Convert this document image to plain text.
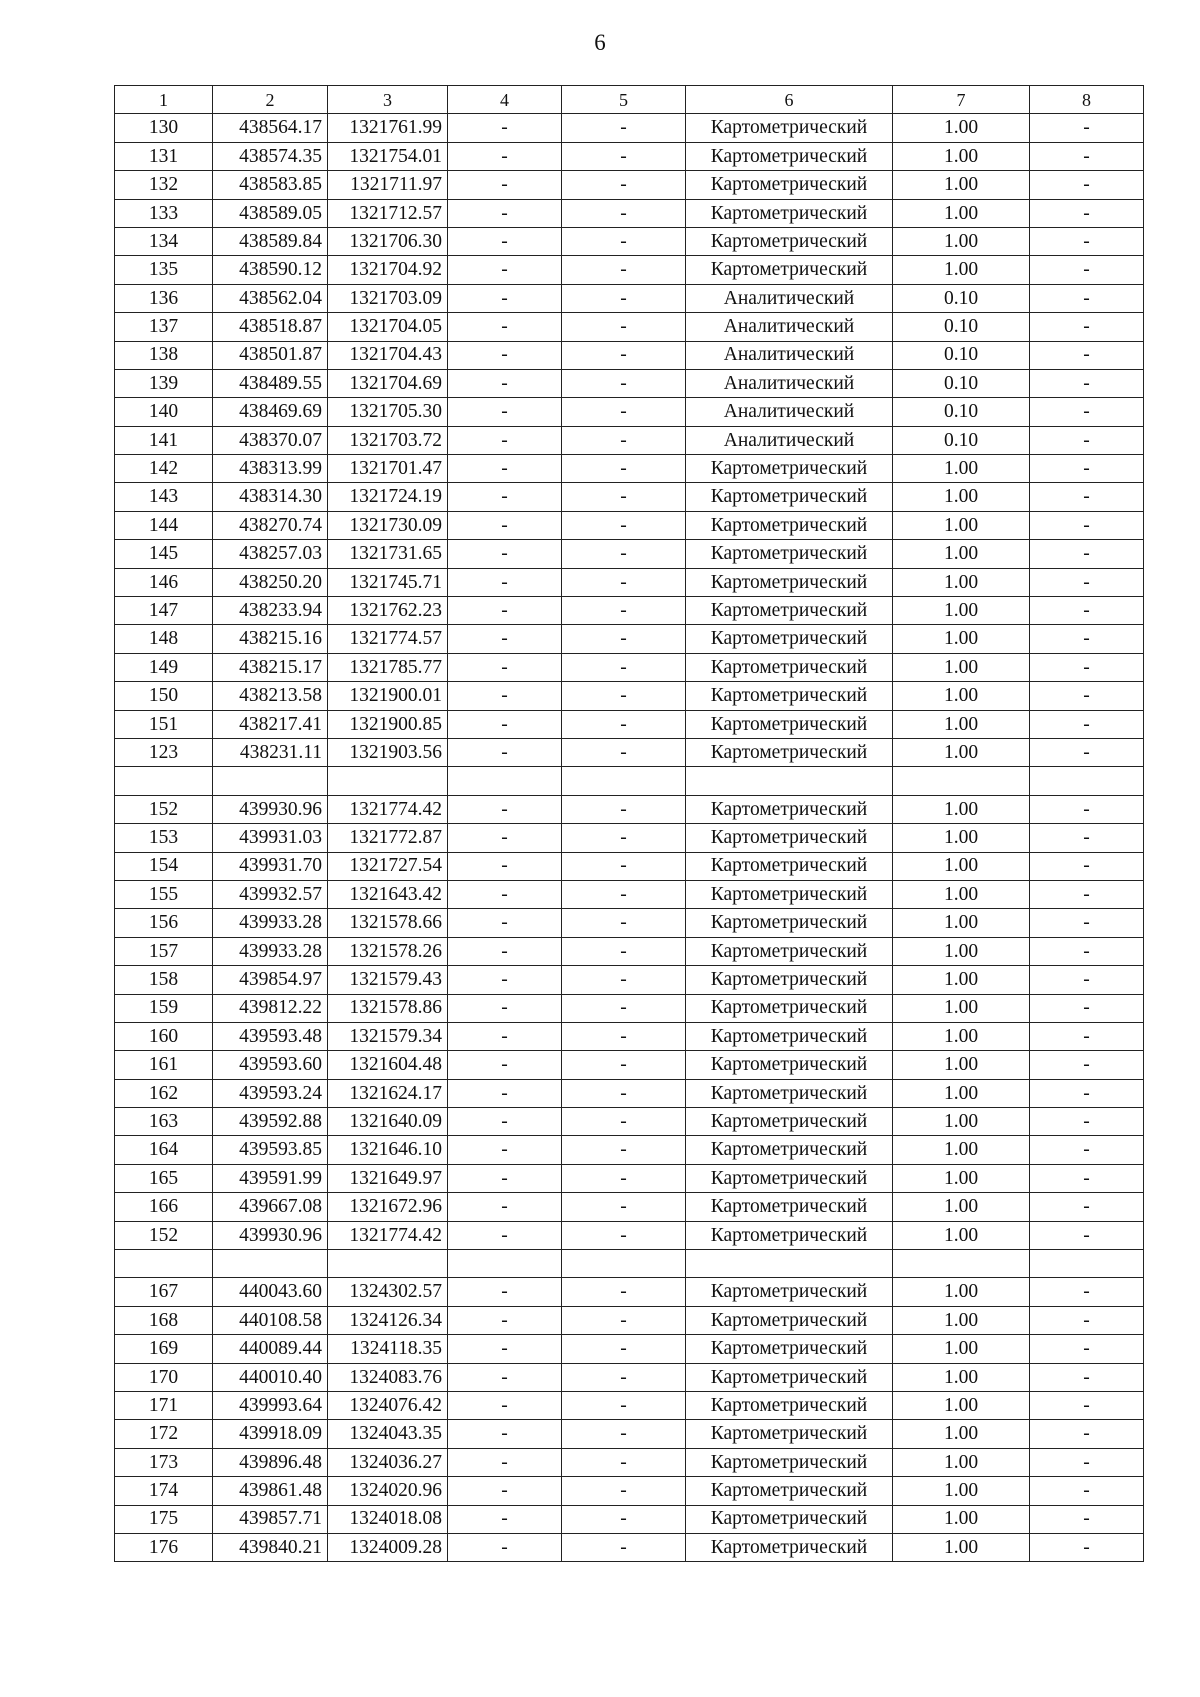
6
1	2	3	4	5	6	7	8
130	438564.17	1321761.99	-	-	Картометрический	1.00	-
131	438574.35	1321754.01	-	-	Картометрический	1.00	-
132	438583.85	1321711.97	-	-	Картометрический	1.00	-
133	438589.05	1321712.57	-	-	Картометрический	1.00	-
134	438589.84	1321706.30	-	-	Картометрический	1.00	-
135	438590.12	1321704.92	-	-	Картометрический	1.00	-
136	438562.04	1321703.09	-	-	Аналитический	0.10	-
137	438518.87	1321704.05	-	-	Аналитический	0.10	-
138	438501.87	1321704.43	-	-	Аналитический	0.10	-
139	438489.55	1321704.69	-	-	Аналитический	0.10	-
140	438469.69	1321705.30	-	-	Аналитический	0.10	-
141	438370.07	1321703.72	-	-	Аналитический	0.10	-
142	438313.99	1321701.47	-	-	Картометрический	1.00	-
143	438314.30	1321724.19	-	-	Картометрический	1.00	-
144	438270.74	1321730.09	-	-	Картометрический	1.00	-
145	438257.03	1321731.65	-	-	Картометрический	1.00	-
146	438250.20	1321745.71	-	-	Картометрический	1.00	-
147	438233.94	1321762.23	-	-	Картометрический	1.00	-
148	438215.16	1321774.57	-	-	Картометрический	1.00	-
149	438215.17	1321785.77	-	-	Картометрический	1.00	-
150	438213.58	1321900.01	-	-	Картометрический	1.00	-
151	438217.41	1321900.85	-	-	Картометрический	1.00	-
123	438231.11	1321903.56	-	-	Картометрический	1.00	-

152	439930.96	1321774.42	-	-	Картометрический	1.00	-
153	439931.03	1321772.87	-	-	Картометрический	1.00	-
154	439931.70	1321727.54	-	-	Картометрический	1.00	-
155	439932.57	1321643.42	-	-	Картометрический	1.00	-
156	439933.28	1321578.66	-	-	Картометрический	1.00	-
157	439933.28	1321578.26	-	-	Картометрический	1.00	-
158	439854.97	1321579.43	-	-	Картометрический	1.00	-
159	439812.22	1321578.86	-	-	Картометрический	1.00	-
160	439593.48	1321579.34	-	-	Картометрический	1.00	-
161	439593.60	1321604.48	-	-	Картометрический	1.00	-
162	439593.24	1321624.17	-	-	Картометрический	1.00	-
163	439592.88	1321640.09	-	-	Картометрический	1.00	-
164	439593.85	1321646.10	-	-	Картометрический	1.00	-
165	439591.99	1321649.97	-	-	Картометрический	1.00	-
166	439667.08	1321672.96	-	-	Картометрический	1.00	-
152	439930.96	1321774.42	-	-	Картометрический	1.00	-

167	440043.60	1324302.57	-	-	Картометрический	1.00	-
168	440108.58	1324126.34	-	-	Картометрический	1.00	-
169	440089.44	1324118.35	-	-	Картометрический	1.00	-
170	440010.40	1324083.76	-	-	Картометрический	1.00	-
171	439993.64	1324076.42	-	-	Картометрический	1.00	-
172	439918.09	1324043.35	-	-	Картометрический	1.00	-
173	439896.48	1324036.27	-	-	Картометрический	1.00	-
174	439861.48	1324020.96	-	-	Картометрический	1.00	-
175	439857.71	1324018.08	-	-	Картометрический	1.00	-
176	439840.21	1324009.28	-	-	Картометрический	1.00	-
